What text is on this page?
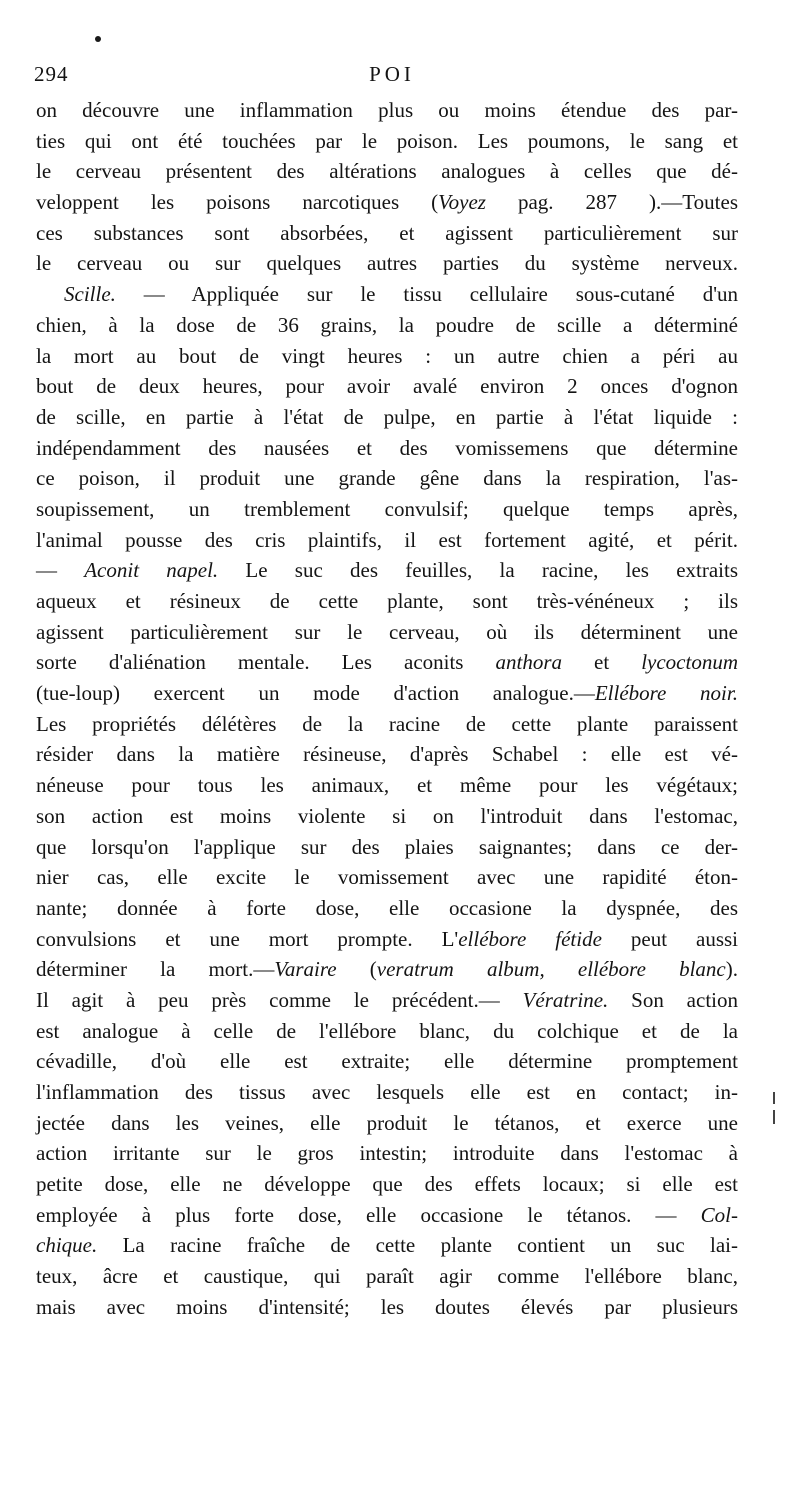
294	POI
on découvre une inflammation plus ou moins étendue des par-
ties qui ont été touchées par le poison. Les poumons, le sang et
le cerveau présentent des altérations analogues à celles que dé-
veloppent les poisons narcotiques (Voyez pag. 287 ).—Toutes
ces substances sont absorbées, et agissent particulièrement sur
le cerveau ou sur quelques autres parties du système nerveux.
Scille. — Appliquée sur le tissu cellulaire sous-cutané d'un
chien, à la dose de 36 grains, la poudre de scille a déterminé
la mort au bout de vingt heures : un autre chien a péri au
bout de deux heures, pour avoir avalé environ 2 onces d'ognon
de scille, en partie à l'état de pulpe, en partie à l'état liquide :
indépendamment des nausées et des vomissemens que détermine
ce poison, il produit une grande gêne dans la respiration, l'as-
soupissement, un tremblement convulsif; quelque temps après,
l'animal pousse des cris plaintifs, il est fortement agité, et périt.
— Aconit napel. Le suc des feuilles, la racine, les extraits
aqueux et résineux de cette plante, sont très-vénéneux ; ils
agissent particulièrement sur le cerveau, où ils déterminent une
sorte d'aliénation mentale. Les aconits anthora et lycoctonum
(tue-loup) exercent un mode d'action analogue.—Ellébore noir.
Les propriétés délétères de la racine de cette plante paraissent
résider dans la matière résineuse, d'après Schabel : elle est vé-
néneuse pour tous les animaux, et même pour les végétaux;
son action est moins violente si on l'introduit dans l'estomac,
que lorsqu'on l'applique sur des plaies saignantes; dans ce der-
nier cas, elle excite le vomissement avec une rapidité éton-
nante; donnée à forte dose, elle occasione la dyspnée, des
convulsions et une mort prompte. L'ellébore fétide peut aussi
déterminer la mort.—Varaire (veratrum album, ellébore blanc).
Il agit à peu près comme le précédent.— Vératrine. Son action
est analogue à celle de l'ellébore blanc, du colchique et de la
cévadille, d'où elle est extraite; elle détermine promptement
l'inflammation des tissus avec lesquels elle est en contact; in-
jectée dans les veines, elle produit le tétanos, et exerce une
action irritante sur le gros intestin; introduite dans l'estomac à
petite dose, elle ne développe que des effets locaux; si elle est
employée à plus forte dose, elle occasione le tétanos. — Col-
chique. La racine fraîche de cette plante contient un suc lai-
teux, âcre et caustique, qui paraît agir comme l'ellébore blanc,
mais avec moins d'intensité; les doutes élevés par plusieurs
